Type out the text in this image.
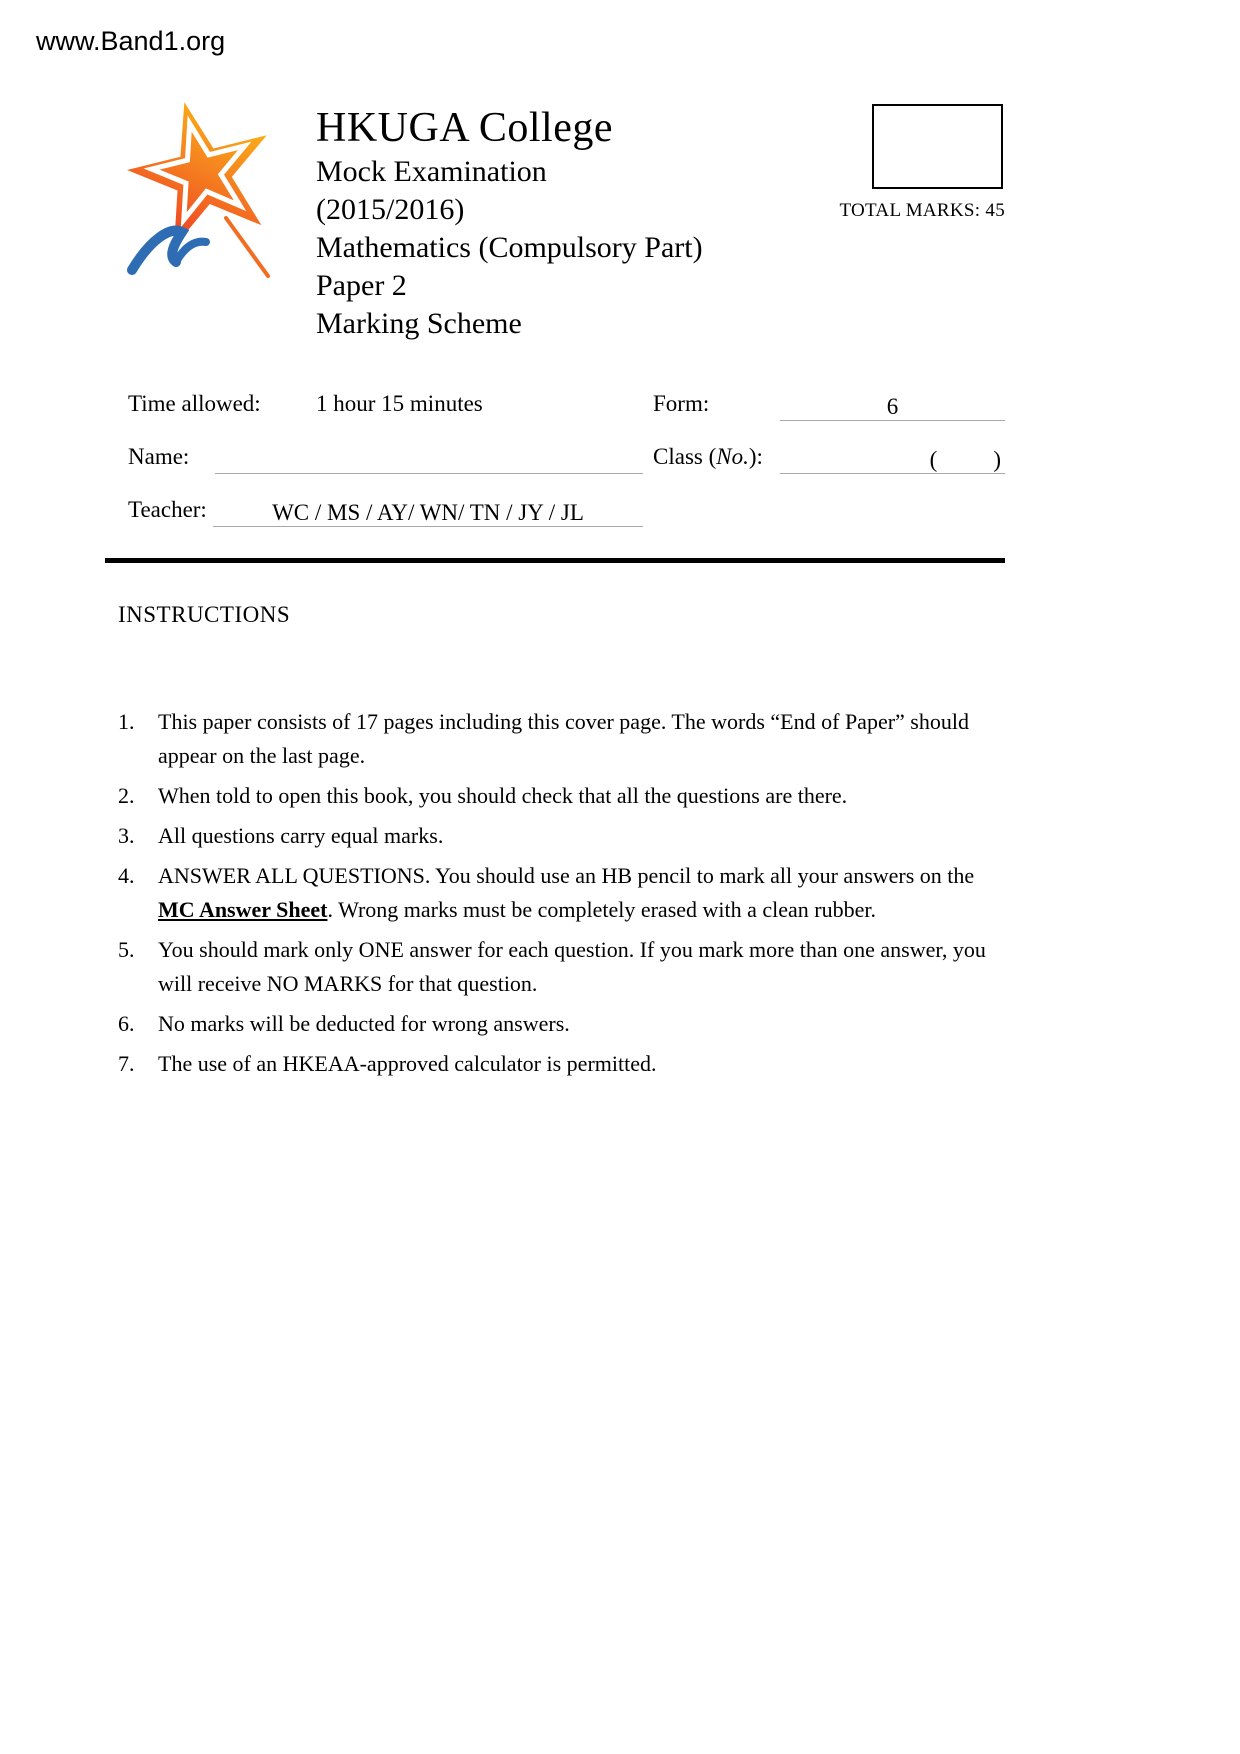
www.Band1.org
HKUGA College
Mock Examination
(2015/2016)
Mathematics (Compulsory Part)
Paper 2
Marking Scheme
TOTAL MARKS: 45
Time allowed: 1 hour 15 minutes	Form:	6
Name:	Class (No.):	( )
Teacher:	WC / MS / AY/ WN/ TN / JY / JL
INSTRUCTIONS
1.	This paper consists of 17 pages including this cover page. The words “End of Paper” should appear on the last page.
2.	When told to open this book, you should check that all the questions are there.
3.	All questions carry equal marks.
4.	ANSWER ALL QUESTIONS. You should use an HB pencil to mark all your answers on the MC Answer Sheet. Wrong marks must be completely erased with a clean rubber.
5.	You should mark only ONE answer for each question. If you mark more than one answer, you will receive NO MARKS for that question.
6.	No marks will be deducted for wrong answers.
7.	The use of an HKEAA-approved calculator is permitted.
